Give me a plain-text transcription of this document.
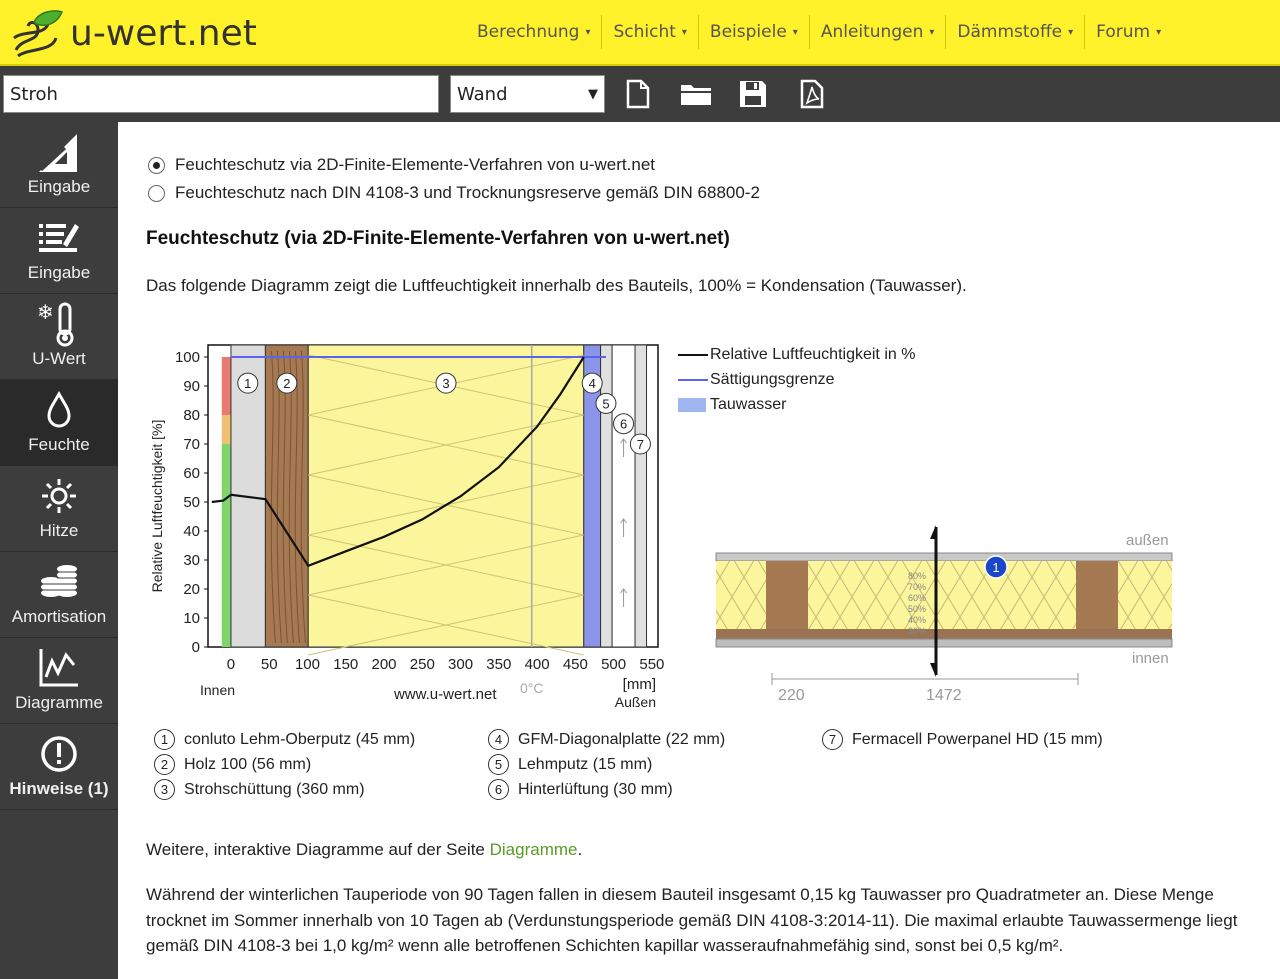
u-wert.net	Berechnung ▾ Schicht ▾ Beispiele ▾ Anleitungen ▾ Dämmstoffe ▾ Forum ▾
Stroh
Wand	▼
Eingabe
Eingabe
❄
U-Wert
Feuchte
Hitze
Amortisation
Diagramme
Hinweise (1)
Feuchteschutz via 2D-Finite-Elemente-Verfahren von u-wert.net
Feuchteschutz nach DIN 4108-3 und Trocknungsreserve gemäß DIN 68800-2
Feuchteschutz (via 2D-Finite-Elemente-Verfahren von u-wert.net)
Das folgende Diagramm zeigt die Luftfeuchtigkeit innerhalb des Bauteils, 100% = Kondensation (Tauwasser).
0
10
20
30
40
50
60
70
80
90
100
0 50 100 150 200 250 300 350 400 450 500 550
Relative Luftfeuchtigkeit [%]
Innen	www.u-wert.net 0°C	[mm]
Außen
1 2	3	4
5
6
7
Relative Luftfeuchtigkeit in %
Sättigungsgrenze
Tauwasser
80%
70%
60%
50%
40%
30%
1
außen
innen
220	1472
1 conluto Lehm-Oberputz (45 mm)
2 Holz 100 (56 mm)
3 Strohschüttung (360 mm)
4 GFM-Diagonalplatte (22 mm)
5 Lehmputz (15 mm)
6 Hinterlüftung (30 mm)
7 Fermacell Powerpanel HD (15 mm)
Weitere, interaktive Diagramme auf der Seite Diagramme.
Während der winterlichen Tauperiode von 90 Tagen fallen in diesem Bauteil insgesamt 0,15 kg Tauwasser pro Quadratmeter an. Diese Menge trocknet im Sommer innerhalb von 10 Tagen ab (Verdunstungsperiode gemäß DIN 4108-3:2014-11). Die maximal erlaubte Tauwassermenge liegt gemäß DIN 4108-3 bei 1,0 kg/m² wenn alle betroffenen Schichten kapillar wasseraufnahmefähig sind, sonst bei 0,5 kg/m².
